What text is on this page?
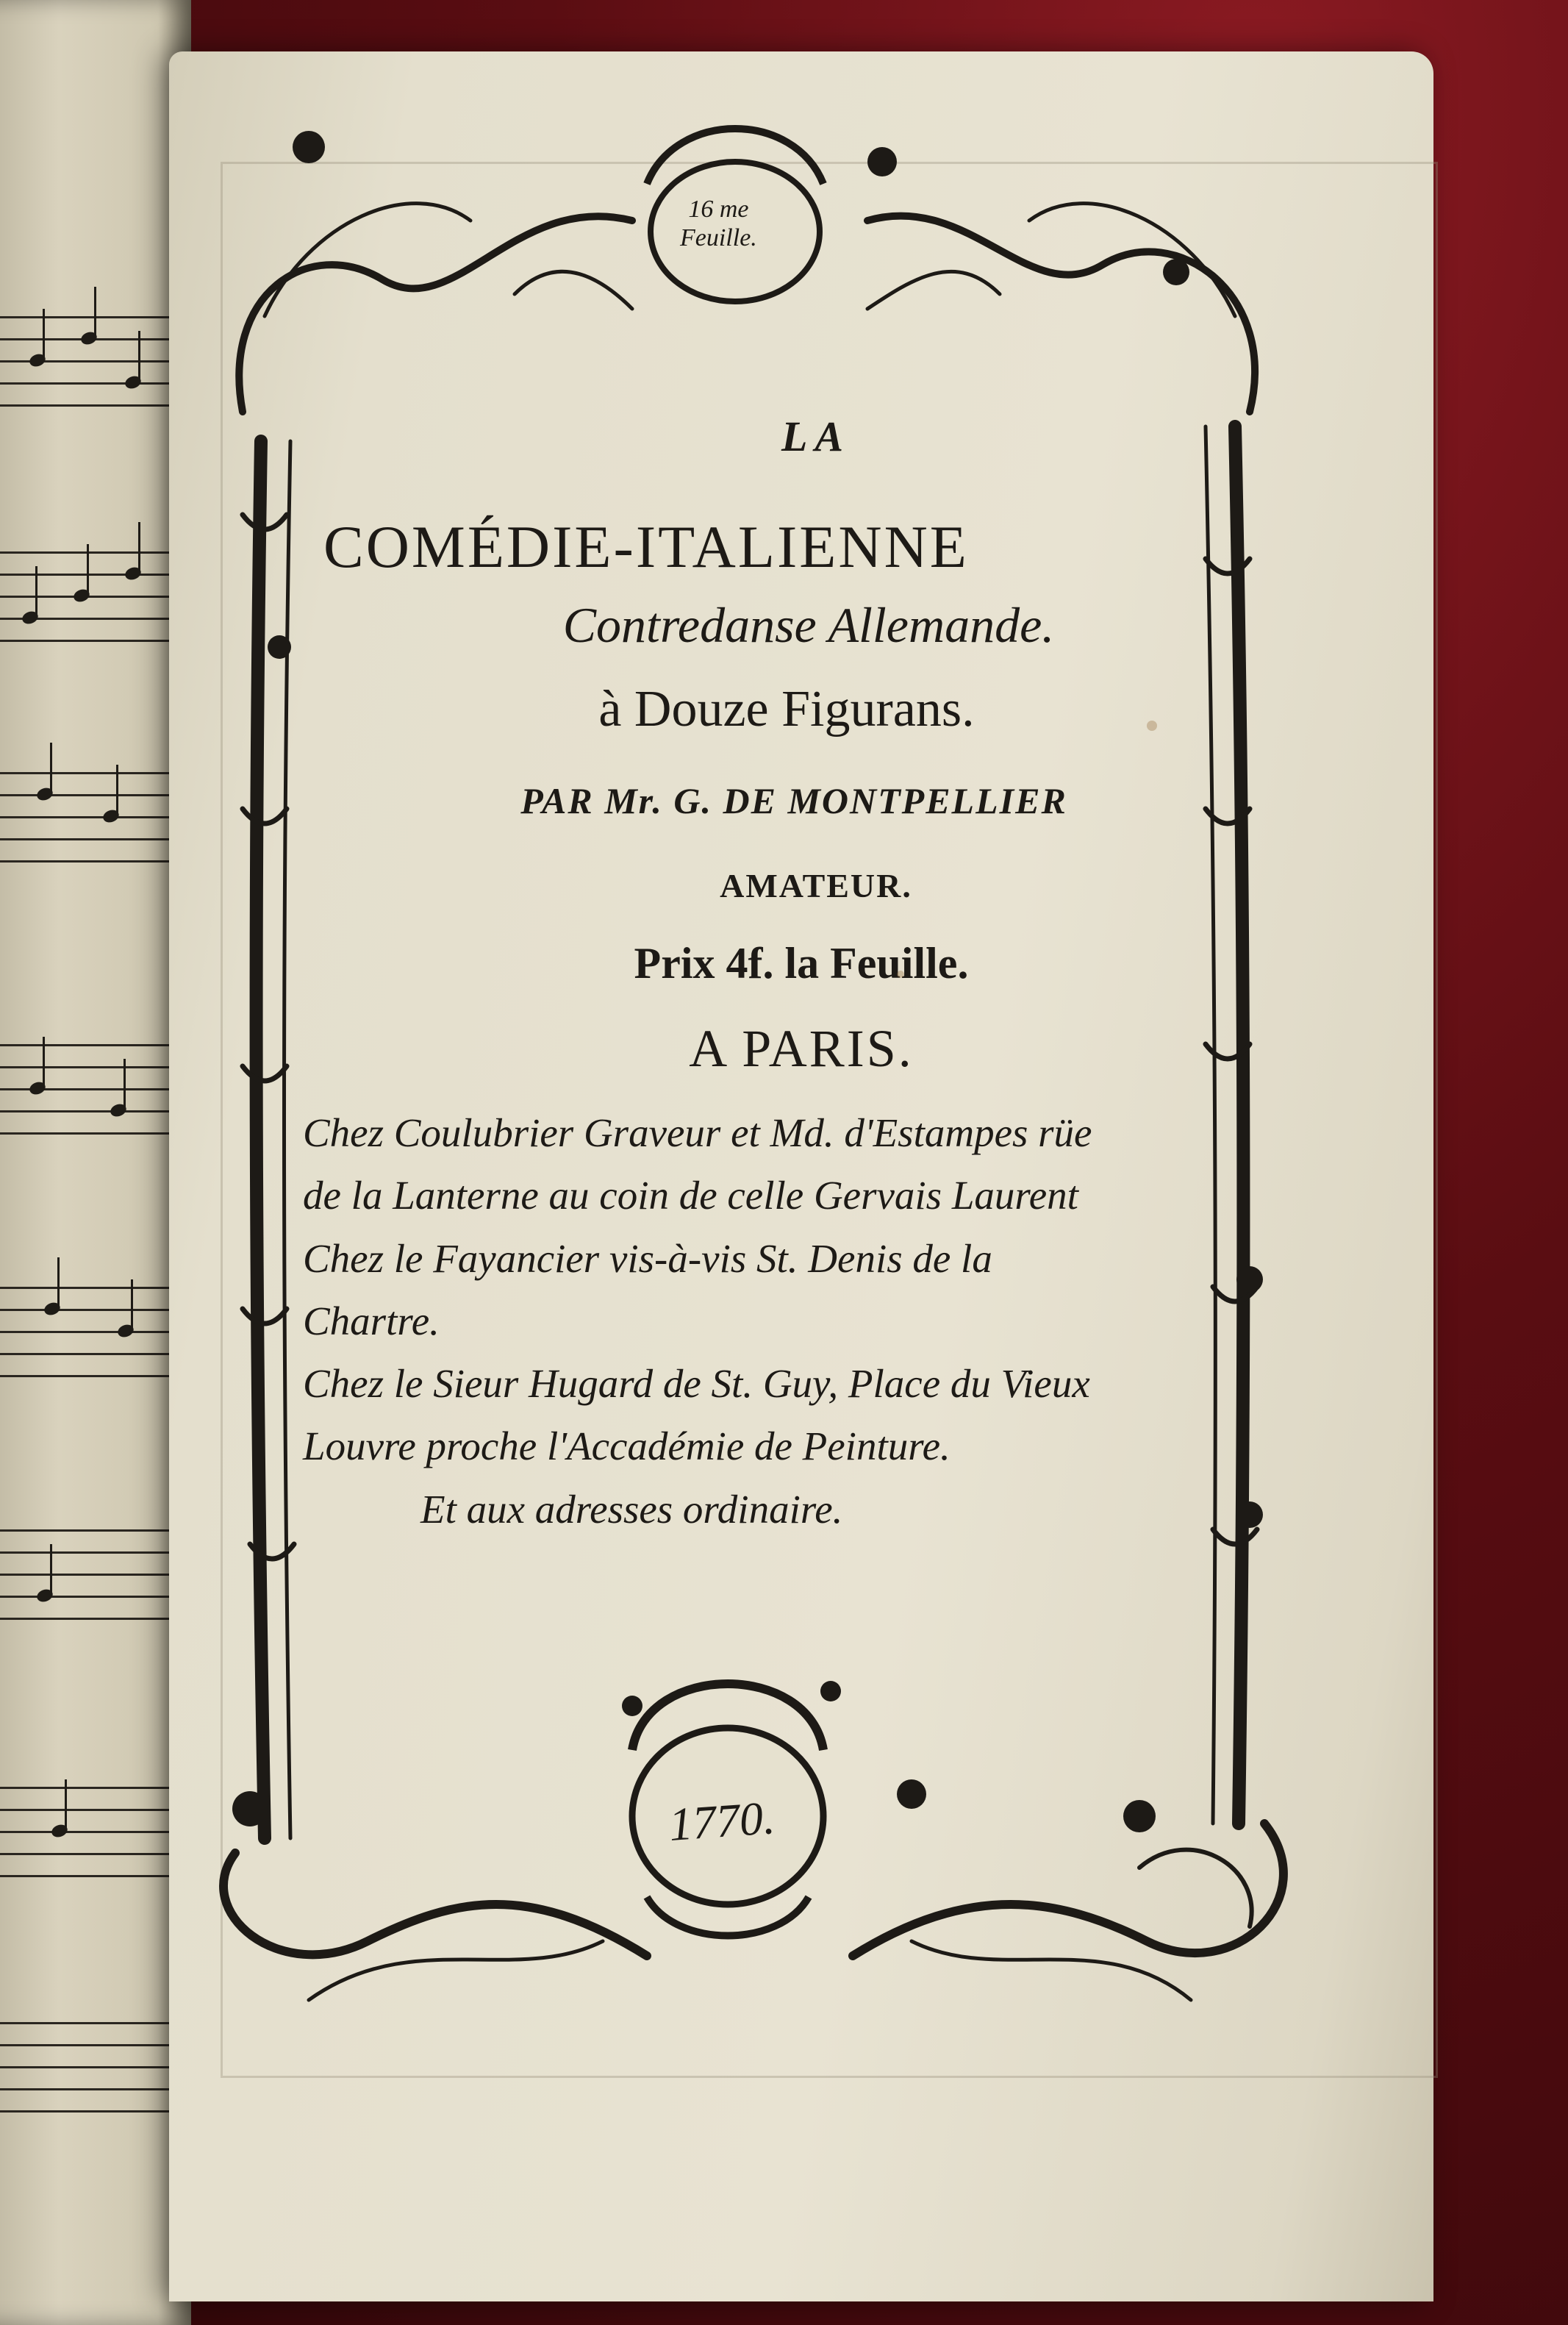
16 me
Feuille.
LA
COMÉDIE-ITALIENNE
Contredanse Allemande.
à Douze Figurans.
PAR Mr. G. DE MONTPELLIER
AMATEUR.
Prix 4f. la Feuille.
A PARIS.
Chez Coulubrier Graveur et Md. d'Estampes rüe
de la Lanterne au coin de celle Gervais Laurent
Chez le Fayancier vis-à-vis St. Denis de la
Chartre.
Chez le Sieur Hugard de St. Guy, Place du Vieux
Louvre proche l'Accadémie de Peinture.
Et aux adresses ordinaire.
1770.
